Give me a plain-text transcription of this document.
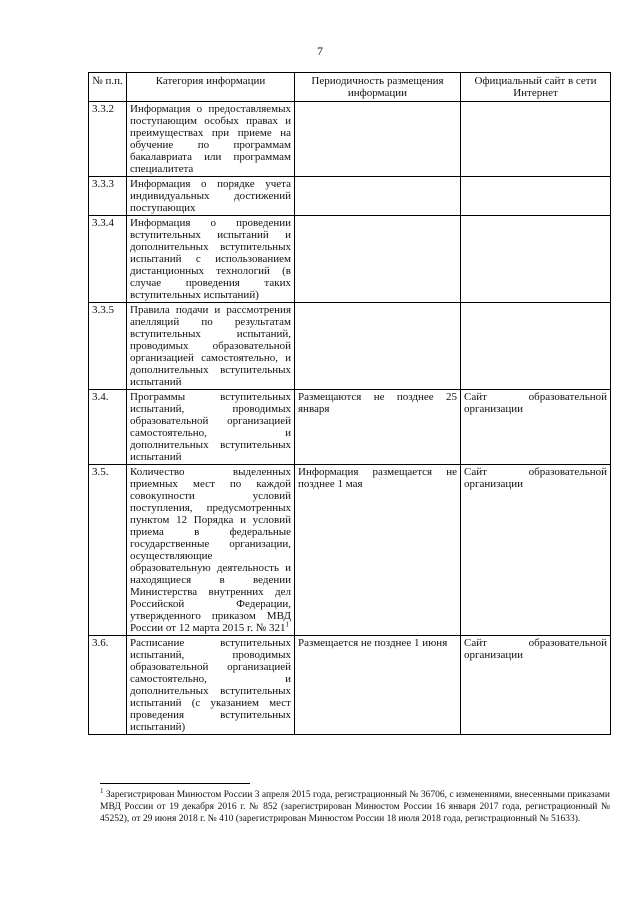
7
№ п.п.	Категория информации	Периодичность размещения информации	Официальный сайт в сети Интернет
3.3.2	Информация о предоставляемых поступающим особых правах и преимуществах при приеме на обучение по программам бакалавриата или программам специалитета		
3.3.3	Информация о порядке учета индивидуальных достижений поступающих		
3.3.4	Информация о проведении вступительных испытаний и дополнительных вступительных испытаний с использованием дистанционных технологий (в случае проведения таких вступительных испытаний)		
3.3.5	Правила подачи и рассмотрения апелляций по результатам вступительных испытаний, проводимых образовательной организацией самостоятельно, и дополнительных вступительных испытаний		
3.4.	Программы вступительных испытаний, проводимых образовательной организацией самостоятельно, и дополнительных вступительных испытаний	Размещаются не позднее 25 января	Сайт образовательной организации
3.5.	Количество выделенных приемных мест по каждой совокупности условий поступления, предусмотренных пунктом 12 Порядка и условий приема в федеральные государственные организации, осуществляющие образовательную деятельность и находящиеся в ведении Министерства внутренних дел Российской Федерации, утвержденного приказом МВД России от 12 марта 2015 г. № $321^1$	Информация размещается не позднее 1 мая	Сайт образовательной организации
3.6.	Расписание вступительных испытаний, проводимых образовательной организацией самостоятельно, и дополнительных вступительных испытаний (с указанием мест проведения вступительных испытаний)	Размещается не позднее 1 июня	Сайт образовательной организации
$^1$ Зарегистрирован Минюстом России 3 апреля 2015 года, регистрационный № 36706, с изменениями, внесенными приказами МВД России от 19 декабря 2016 г. № 852 (зарегистрирован Минюстом России 16 января 2017 года, регистрационный № 45252), от 29 июня 2018 г. № 410 (зарегистрирован Минюстом России 18 июля 2018 года, регистрационный № 51633).
